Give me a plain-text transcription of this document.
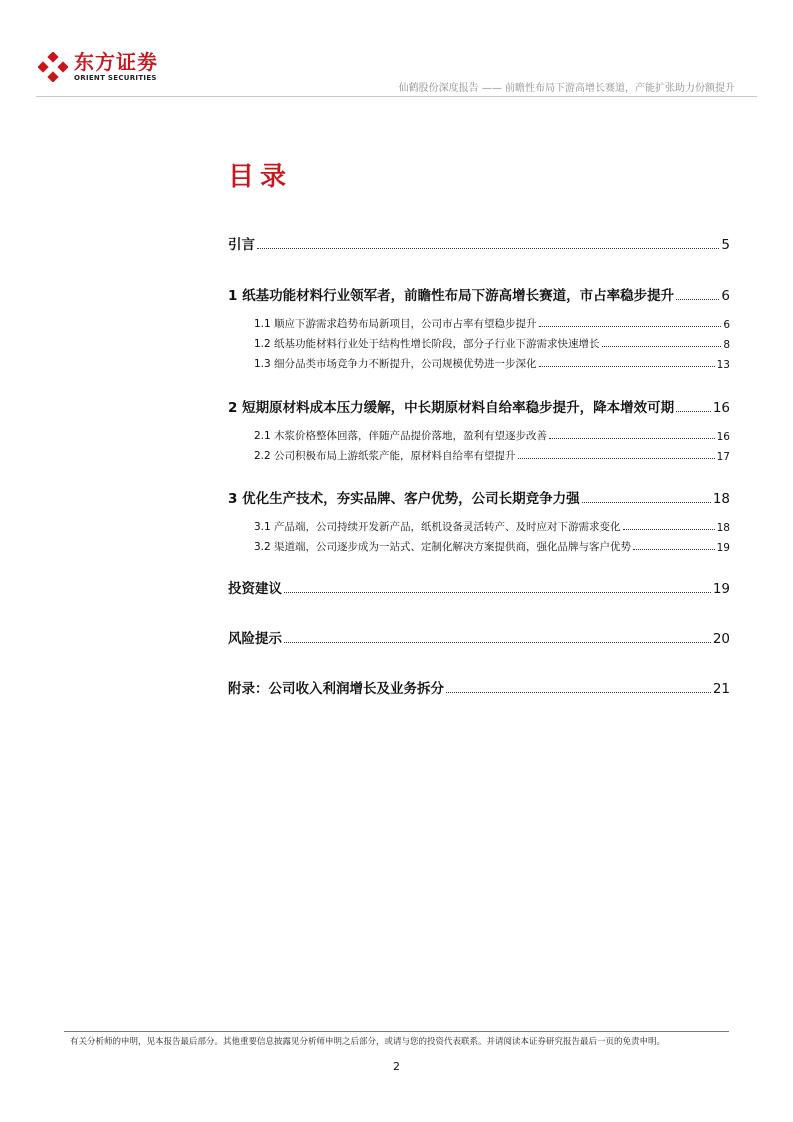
东方证劵
ORIENT SECURITIES
仙鹤股份深度报告 —— 前瞻性布局下游高增长赛道，产能扩张助力份额提升
目录
引言	5
1 纸基功能材料行业领军者，前瞻性布局下游高增长赛道，市占率稳步提升	6
1.1 顺应下游需求趋势布局新项目，公司市占率有望稳步提升	6
1.2 纸基功能材料行业处于结构性增长阶段，部分子行业下游需求快速增长	8
1.3 细分品类市场竞争力不断提升，公司规模优势进一步深化	13
2 短期原材料成本压力缓解，中长期原材料自给率稳步提升，降本增效可期	16
2.1 木浆价格整体回落，伴随产品提价落地，盈利有望逐步改善	16
2.2 公司积极布局上游纸浆产能，原材料自给率有望提升	17
3 优化生产技术，夯实品牌、客户优势，公司长期竞争力强	18
3.1 产品端，公司持续开发新产品，纸机设备灵活转产、及时应对下游需求变化	18
3.2 渠道端，公司逐步成为一站式、定制化解决方案提供商，强化品牌与客户优势	19
投资建议	19
风险提示	20
附录：公司收入利润增长及业务拆分	21
有关分析师的申明，见本报告最后部分。其他重要信息披露见分析师申明之后部分，或请与您的投资代表联系。并请阅读本证券研究报告最后一页的免责申明。
2
